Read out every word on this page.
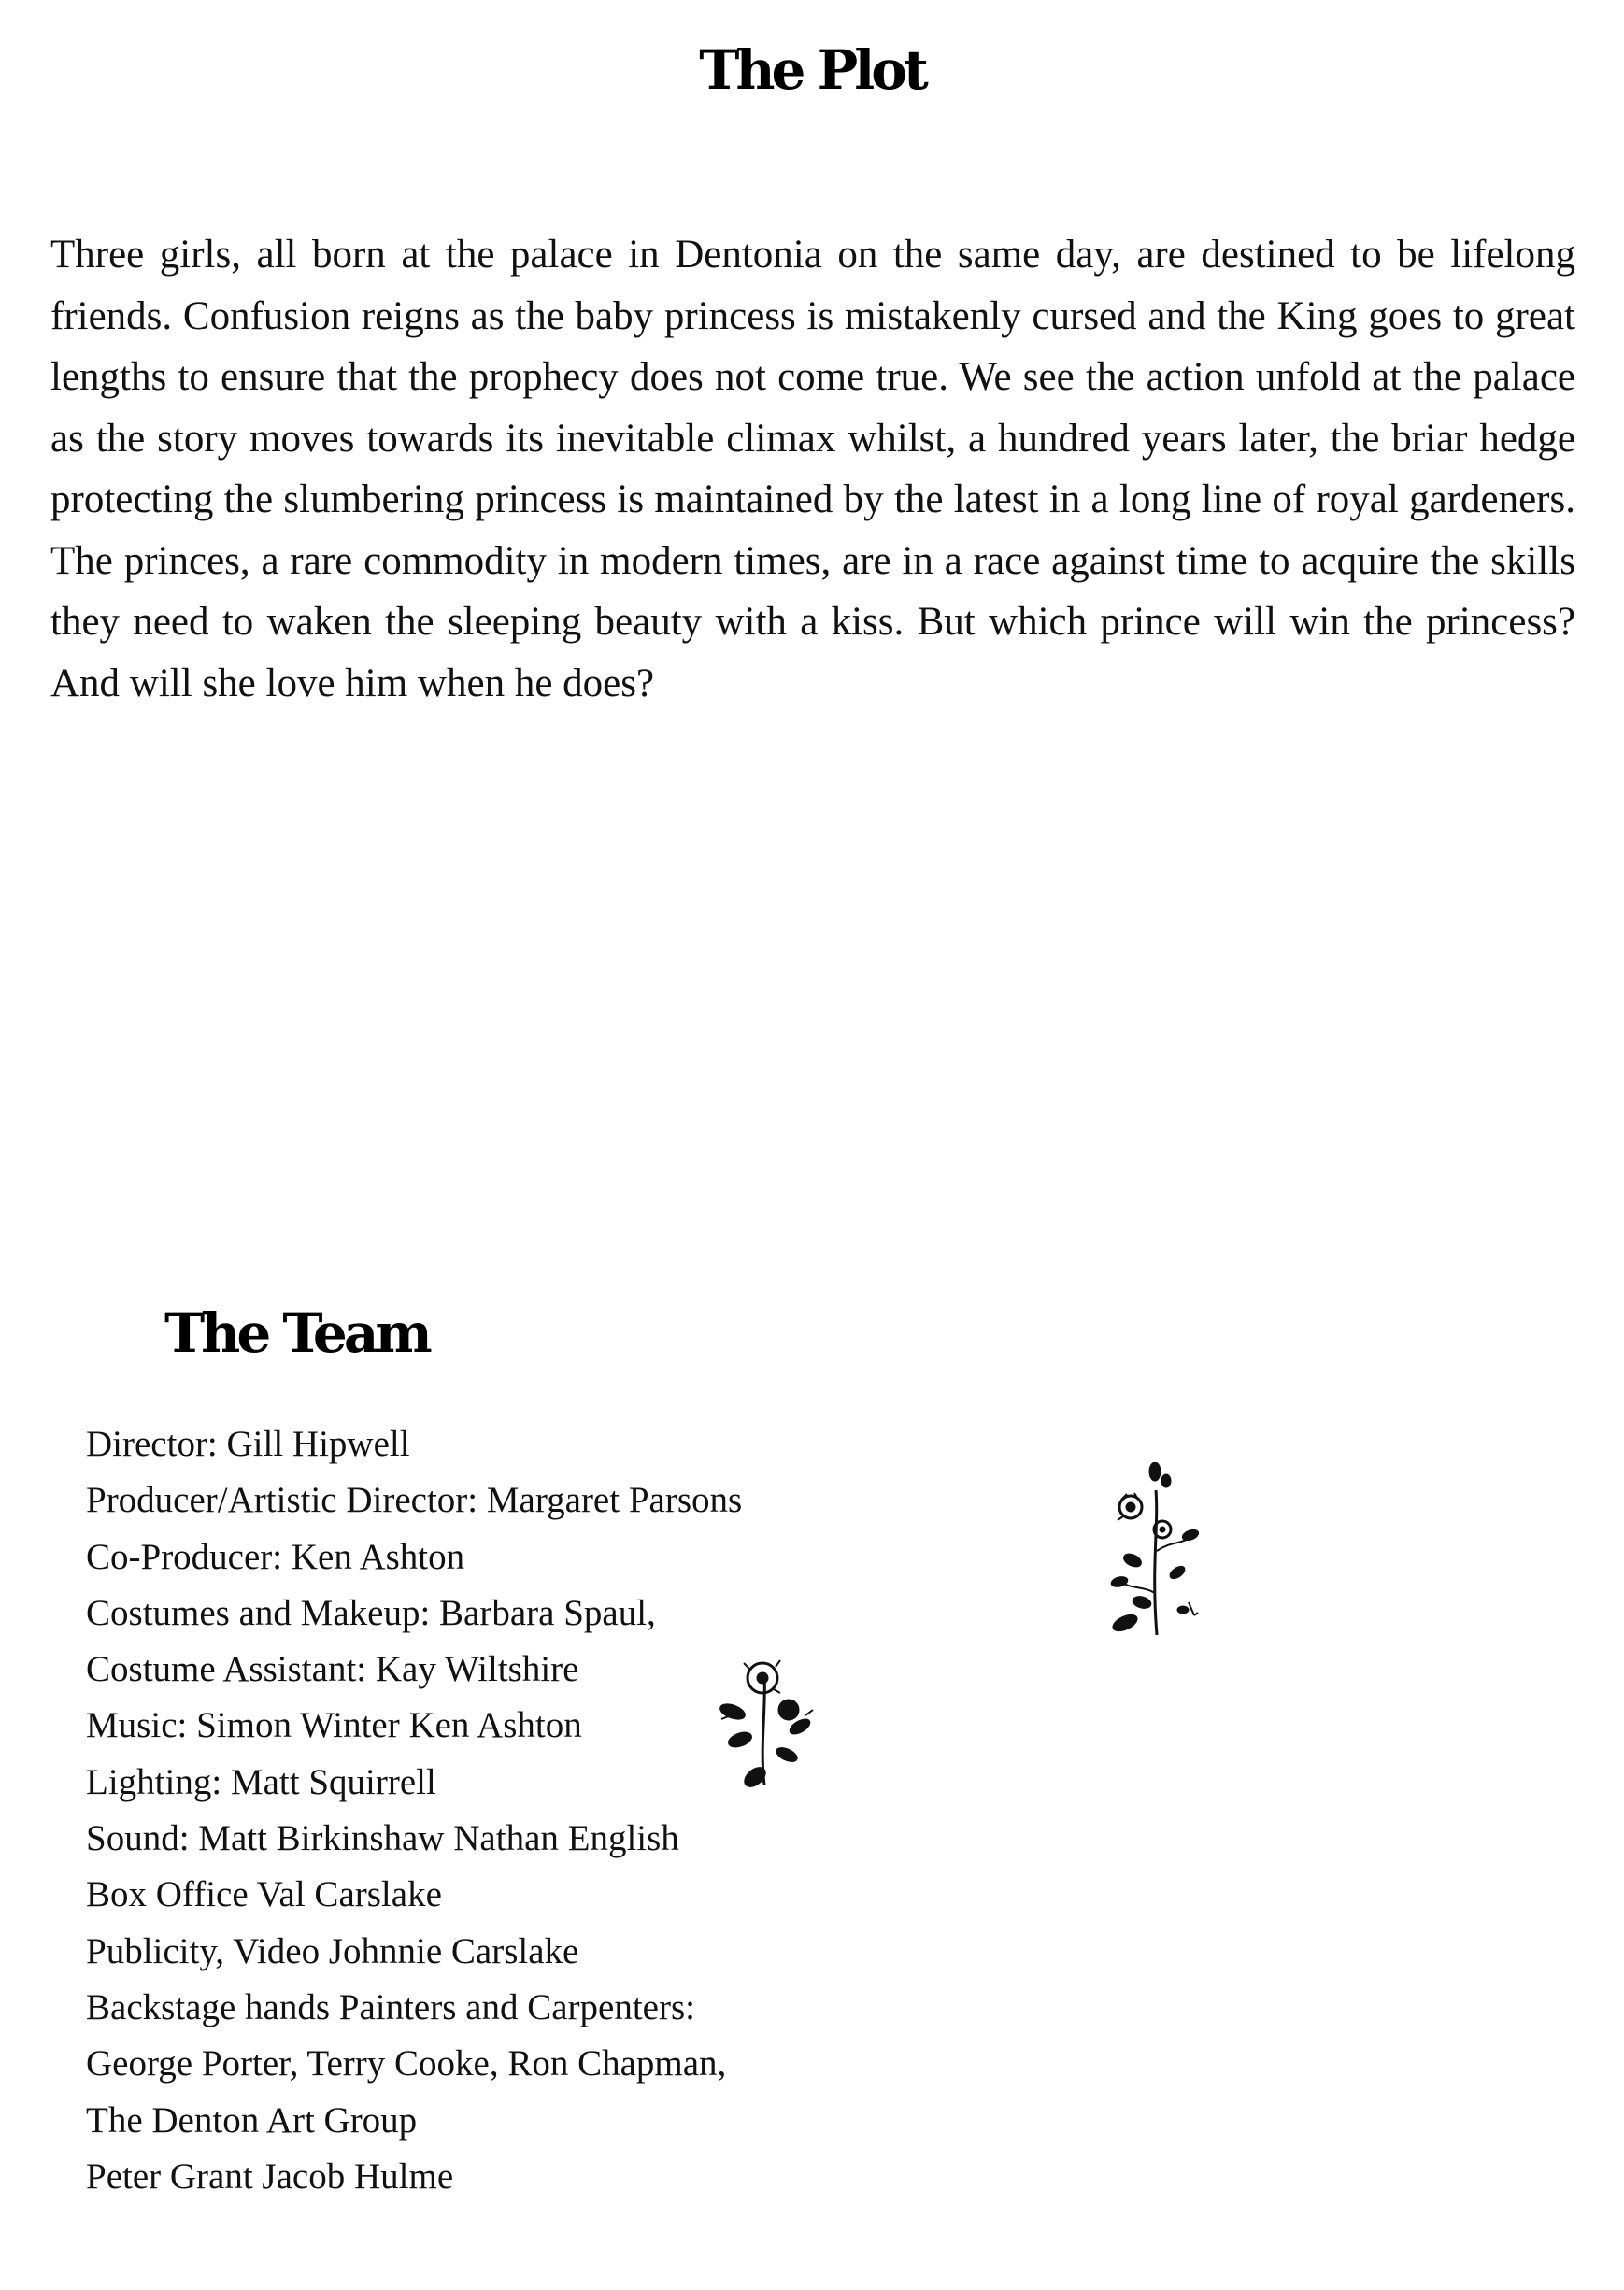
The Plot

Three girls, all born at the palace in Dentonia on the same day, are destined to be lifelong friends. Confusion reigns as the baby princess is mistakenly cursed and the King goes to great lengths to ensure that the prophecy does not come true. We see the action unfold at the palace as the story moves towards its inevitable climax whilst, a hundred years later, the briar hedge protecting the slumbering princess is maintained by the latest in a long line of royal gardeners. The princes, a rare commodity in modern times, are in a race against time to acquire the skills they need to waken the sleeping beauty with a kiss. But which prince will win the princess? And will she love him when he does?

The Team
Director: Gill Hipwell
Producer/Artistic Director: Margaret Parsons
Co-Producer: Ken Ashton
Costumes and Makeup: Barbara Spaul,
Costume Assistant: Kay Wiltshire
Music: Simon Winter Ken Ashton
Lighting: Matt Squirrell
Sound: Matt Birkinshaw Nathan English
Box Office Val Carslake
Publicity, Video Johnnie Carslake
Backstage hands Painters and Carpenters:
George Porter, Terry Cooke, Ron Chapman,
The Denton Art Group
Peter Grant Jacob Hulme
